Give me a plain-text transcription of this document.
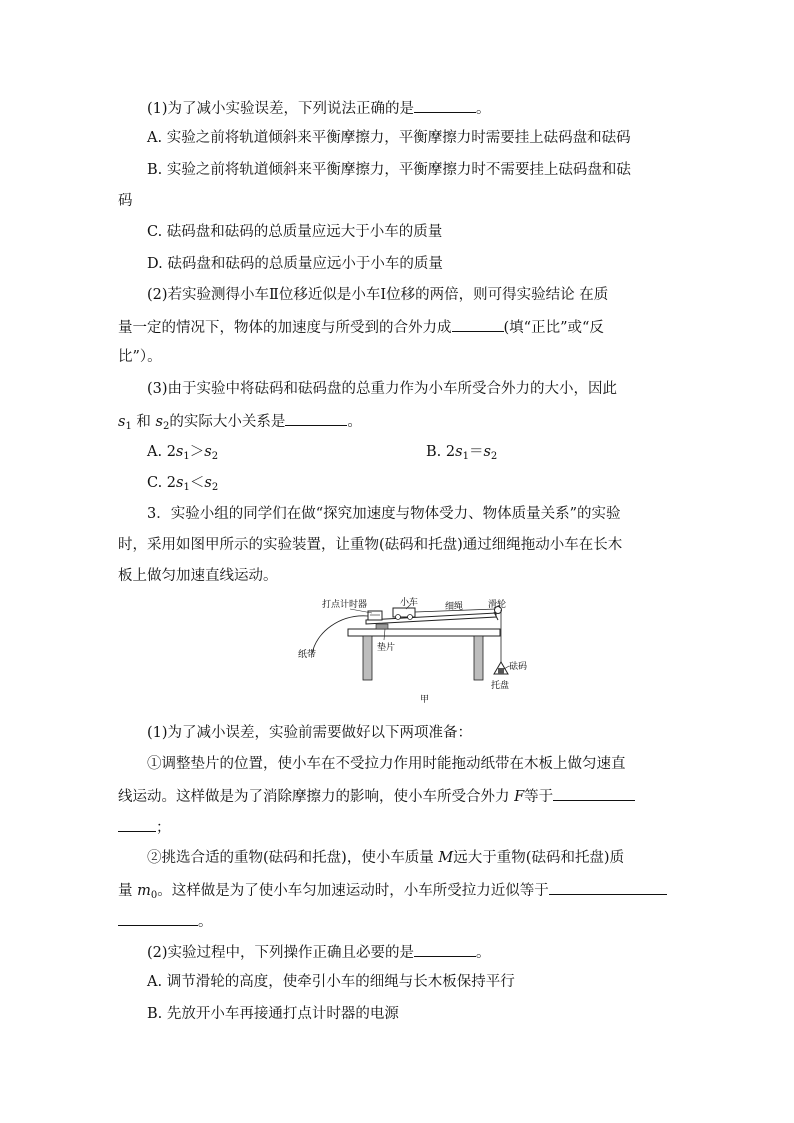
(1)为了减小实验误差，下列说法正确的是	。
A. 实验之前将轨道倾斜来平衡摩擦力，平衡摩擦力时需要挂上砝码盘和砝码
B. 实验之前将轨道倾斜来平衡摩擦力，平衡摩擦力时不需要挂上砝码盘和砝
码
C. 砝码盘和砝码的总质量应远大于小车的质量
D. 砝码盘和砝码的总质量应远小于小车的质量
(2)若实验测得小车Ⅱ位移近似是小车Ⅰ位移的两倍，则可得实验结论 在质
量一定的情况下，物体的加速度与所受到的合外力成	(填“正比”或“反
比”）。
(3)由于实验中将砝码和砝码盘的总重力作为小车所受合外力的大小，因此
$s_1$ 和 $s_2$的实际大小关系是	。
A. $2s_1>s_2$	B. $2s_1=s_2$
C. $2s_1<s_2$
3．实验小组的同学们在做“探究加速度与物体受力、物体质量关系”的实验
时，采用如图甲所示的实验装置，让重物(砝码和托盘)通过细绳拖动小车在长木
板上做匀加速直线运动。
打点计时器	小车	细绳	滑轮
纸带
垫片
砝码
托盘
甲
(1)为了减小误差，实验前需要做好以下两项准备：
①调整垫片的位置，使小车在不受拉力作用时能拖动纸带在木板上做匀速直
线运动。这样做是为了消除摩擦力的影响，使小车所受合外力 F等于
；
②挑选合适的重物(砝码和托盘)，使小车质量 M远大于重物(砝码和托盘)质
量 $m_0$。这样做是为了使小车匀加速运动时，小车所受拉力近似等于
。
(2)实验过程中，下列操作正确且必要的是	。
A. 调节滑轮的高度，使牵引小车的细绳与长木板保持平行
B. 先放开小车再接通打点计时器的电源
